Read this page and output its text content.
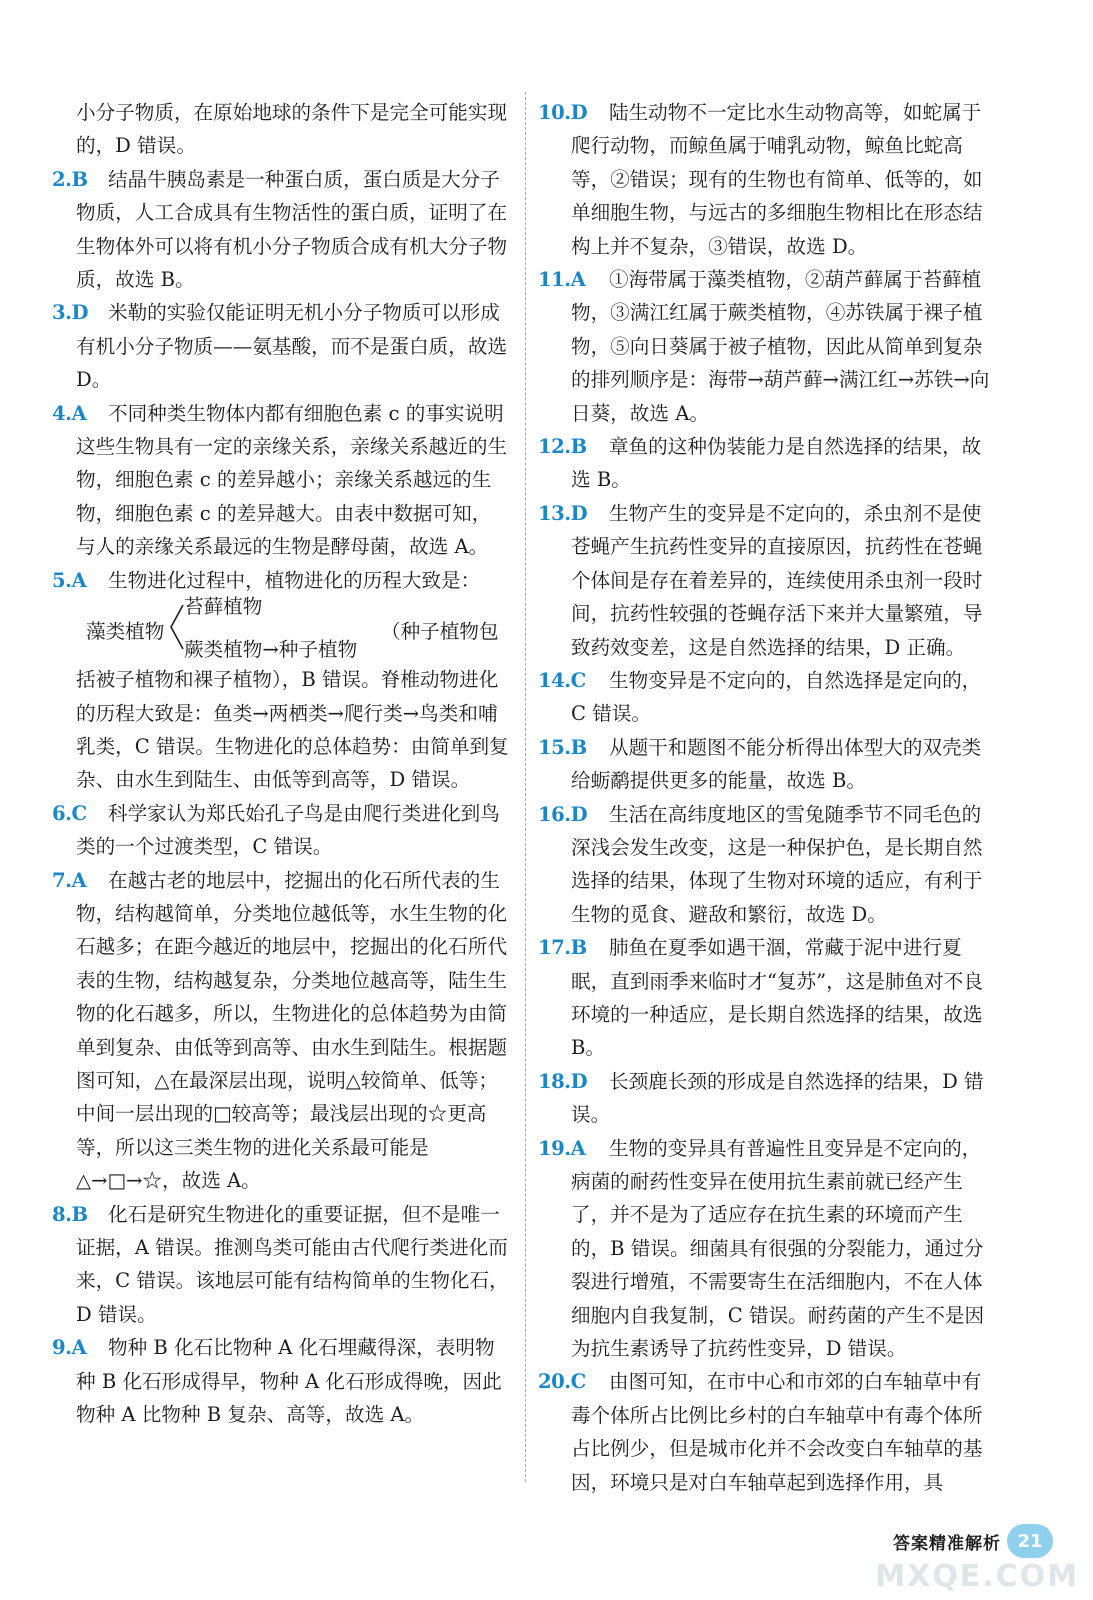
小分子物质，在原始地球的条件下是完全可能实现的，D 错误。

2.B 结晶牛胰岛素是一种蛋白质，蛋白质是大分子物质，人工合成具有生物活性的蛋白质，证明了在生物体外可以将有机小分子物质合成有机大分子物质，故选 B。

3.D 米勒的实验仅能证明无机小分子物质可以形成有机小分子物质——氨基酸，而不是蛋白质，故选 D。

4.A 不同种类生物体内都有细胞色素 c 的事实说明这些生物具有一定的亲缘关系，亲缘关系越近的生物，细胞色素 c 的差异越小；亲缘关系越远的生物，细胞色素 c 的差异越大。由表中数据可知，与人的亲缘关系最远的生物是酵母菌，故选 A。

5.A 生物进化过程中，植物进化的历程大致是：

藻类植物
苔藓植物
蕨类植物→种子植物
（种子植物包

括被子植物和裸子植物），B 错误。脊椎动物进化的历程大致是：鱼类→两栖类→爬行类→鸟类和哺乳类，C 错误。生物进化的总体趋势：由简单到复杂、由水生到陆生、由低等到高等，D 错误。

6.C 科学家认为郑氏始孔子鸟是由爬行类进化到鸟类的一个过渡类型，C 错误。

7.A 在越古老的地层中，挖掘出的化石所代表的生物，结构越简单，分类地位越低等，水生生物的化石越多；在距今越近的地层中，挖掘出的化石所代表的生物，结构越复杂，分类地位越高等，陆生生物的化石越多，所以，生物进化的总体趋势为由简单到复杂、由低等到高等、由水生到陆生。根据题图可知，△在最深层出现，说明△较简单、低等；中间一层出现的□较高等；最浅层出现的☆更高等，所以这三类生物的进化关系最可能是△→□→☆，故选 A。

8.B 化石是研究生物进化的重要证据，但不是唯一证据，A 错误。推测鸟类可能由古代爬行类进化而来，C 错误。该地层可能有结构简单的生物化石，D 错误。

9.A 物种 B 化石比物种 A 化石埋藏得深，表明物种 B 化石形成得早，物种 A 化石形成得晚，因此物种 A 比物种 B 复杂、高等，故选 A。

10.D 陆生动物不一定比水生动物高等，如蛇属于爬行动物，而鲸鱼属于哺乳动物，鲸鱼比蛇高等，②错误；现有的生物也有简单、低等的，如单细胞生物，与远古的多细胞生物相比在形态结构上并不复杂，③错误，故选 D。

11.A ①海带属于藻类植物，②葫芦藓属于苔藓植物，③满江红属于蕨类植物，④苏铁属于裸子植物，⑤向日葵属于被子植物，因此从简单到复杂的排列顺序是：海带→葫芦藓→满江红→苏铁→向日葵，故选 A。

12.B 章鱼的这种伪装能力是自然选择的结果，故选 B。

13.D 生物产生的变异是不定向的，杀虫剂不是使苍蝇产生抗药性变异的直接原因，抗药性在苍蝇个体间是存在着差异的，连续使用杀虫剂一段时间，抗药性较强的苍蝇存活下来并大量繁殖，导致药效变差，这是自然选择的结果，D 正确。

14.C 生物变异是不定向的，自然选择是定向的，C 错误。

15.B 从题干和题图不能分析得出体型大的双壳类给蛎鹬提供更多的能量，故选 B。

16.D 生活在高纬度地区的雪兔随季节不同毛色的深浅会发生改变，这是一种保护色，是长期自然选择的结果，体现了生物对环境的适应，有利于生物的觅食、避敌和繁衍，故选 D。

17.B 肺鱼在夏季如遇干涸，常藏于泥中进行夏眠，直到雨季来临时才“复苏”，这是肺鱼对不良环境的一种适应，是长期自然选择的结果，故选 B。

18.D 长颈鹿长颈的形成是自然选择的结果，D 错误。

19.A 生物的变异具有普遍性且变异是不定向的，病菌的耐药性变异在使用抗生素前就已经产生了，并不是为了适应存在抗生素的环境而产生的，B 错误。细菌具有很强的分裂能力，通过分裂进行增殖，不需要寄生在活细胞内，不在人体细胞内自我复制，C 错误。耐药菌的产生不是因为抗生素诱导了抗药性变异，D 错误。

20.C 由图可知，在市中心和市郊的白车轴草中有毒个体所占比例比乡村的白车轴草中有毒个体所占比例少，但是城市化并不会改变白车轴草的基因，环境只是对白车轴草起到选择作用，具

答案精准解析 21
MXQE.COM
